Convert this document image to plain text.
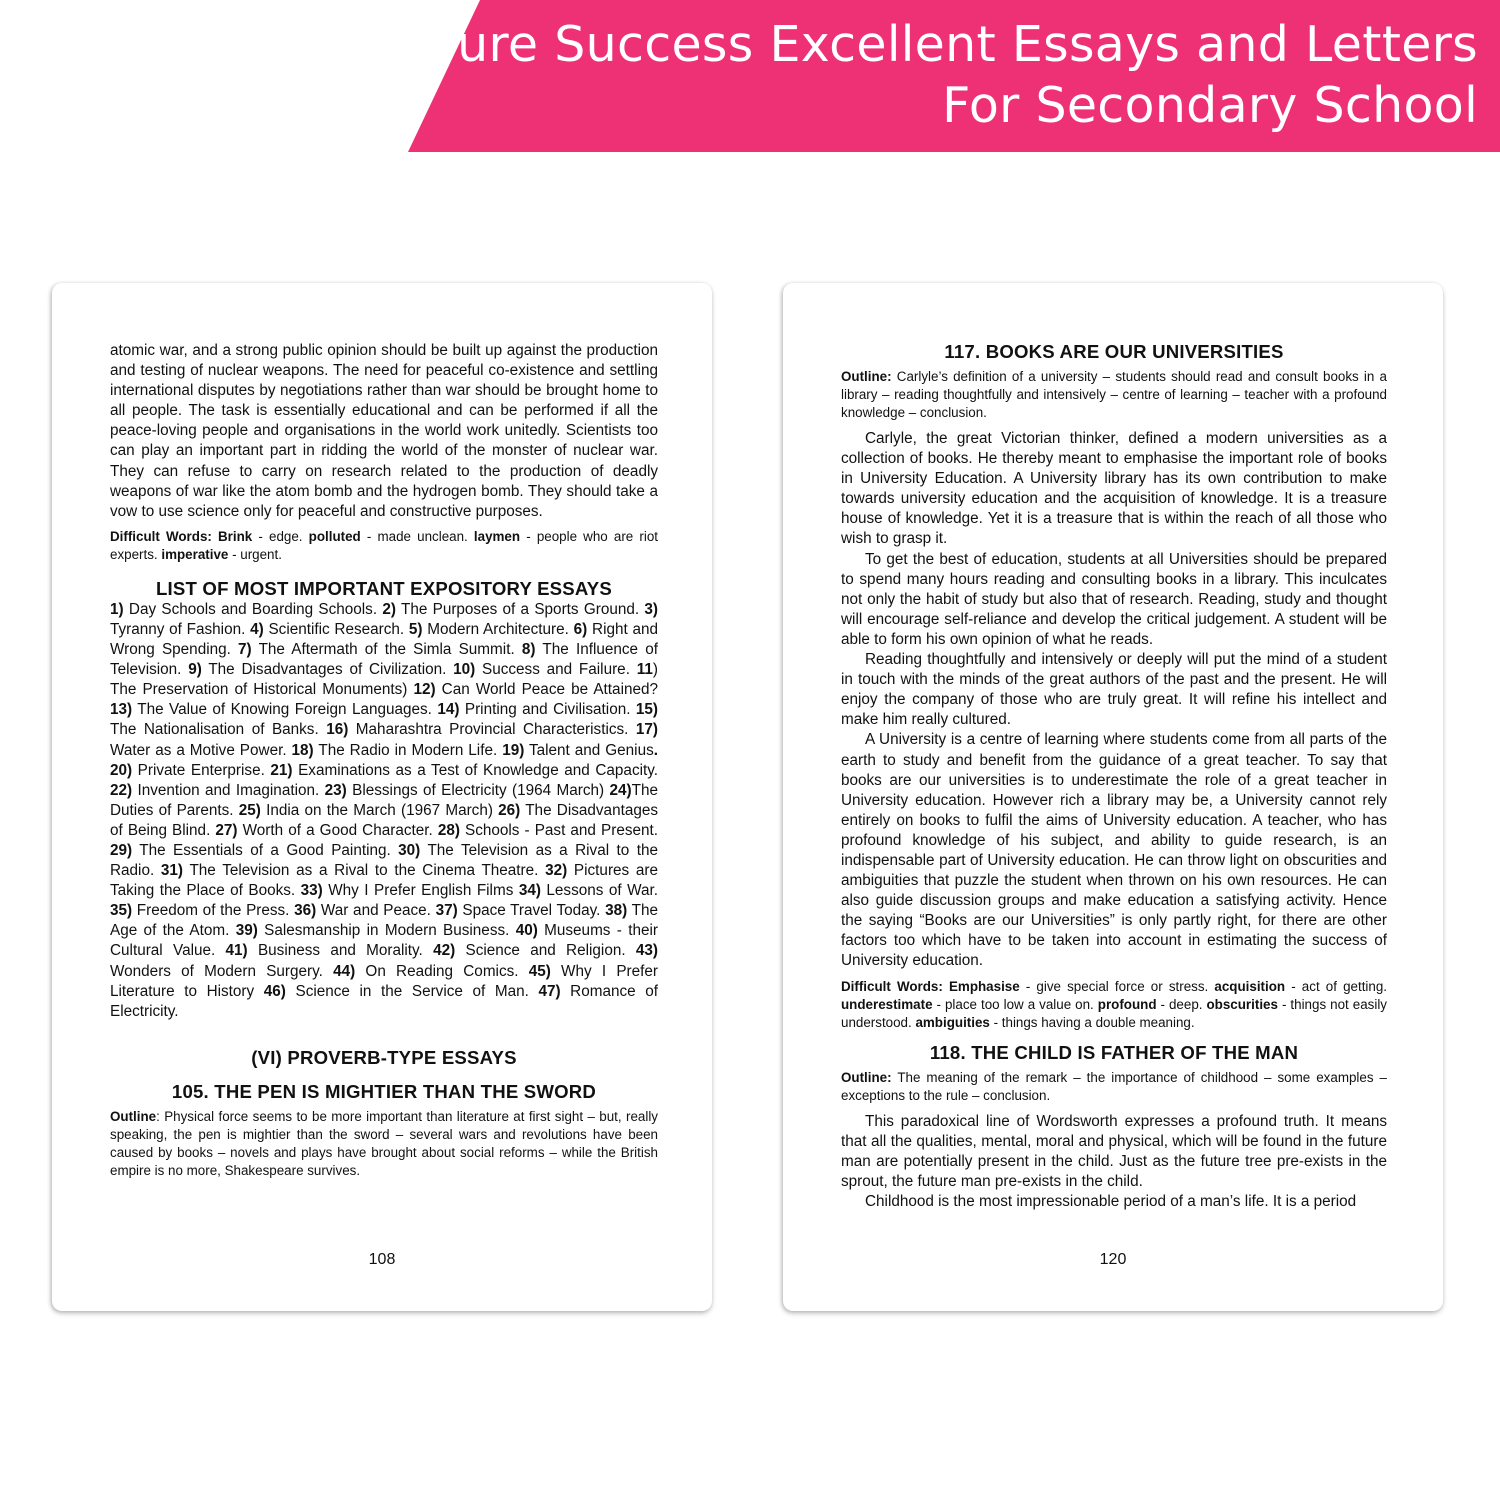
Sure Success Excellent Essays and Letters
For Secondary School

atomic war, and a strong public opinion should be built up against the production and testing of nuclear weapons. The need for peaceful co-existence and settling international disputes by negotiations rather than war should be brought home to all people. The task is essentially educational and can be performed if all the peace-loving people and organisations in the world work unitedly. Scientists too can play an important part in ridding the world of the monster of nuclear war. They can refuse to carry on research related to the production of deadly weapons of war like the atom bomb and the hydrogen bomb. They should take a vow to use science only for peaceful and constructive purposes.

Difficult Words: Brink - edge. polluted - made unclean. laymen - people who are riot experts. imperative - urgent.

LIST OF MOST IMPORTANT EXPOSITORY ESSAYS

1) Day Schools and Boarding Schools. 2) The Purposes of a Sports Ground. 3) Tyranny of Fashion. 4) Scientific Research. 5) Modern Architecture. 6) Right and Wrong Spending. 7) The Aftermath of the Simla Summit. 8) The Influence of Television. 9) The Disadvantages of Civilization. 10) Success and Failure. 11) The Preservation of Historical Monuments) 12) Can World Peace be Attained? 13) The Value of Knowing Foreign Languages. 14) Printing and Civilisation. 15) The Nationalisation of Banks. 16) Maharashtra Provincial Characteristics. 17) Water as a Motive Power. 18) The Radio in Modern Life. 19) Talent and Genius. 20) Private Enterprise. 21) Examinations as a Test of Knowledge and Capacity. 22) Invention and Imagination. 23) Blessings of Electricity (1964 March) 24)The Duties of Parents. 25) India on the March (1967 March) 26) The Disadvantages of Being Blind. 27) Worth of a Good Character. 28) Schools - Past and Present. 29) The Essentials of a Good Painting. 30) The Television as a Rival to the Radio. 31) The Television as a Rival to the Cinema Theatre. 32) Pictures are Taking the Place of Books. 33) Why I Prefer English Films 34) Lessons of War. 35) Freedom of the Press. 36) War and Peace. 37) Space Travel Today. 38) The Age of the Atom. 39) Salesmanship in Modern Business. 40) Museums - their Cultural Value. 41) Business and Morality. 42) Science and Religion. 43) Wonders of Modern Surgery. 44) On Reading Comics. 45) Why I Prefer Literature to History 46) Science in the Service of Man. 47) Romance of Electricity.

(VI) PROVERB-TYPE ESSAYS
105. THE PEN IS MIGHTIER THAN THE SWORD

Outline: Physical force seems to be more important than literature at first sight – but, really speaking, the pen is mightier than the sword – several wars and revolutions have been caused by books – novels and plays have brought about social reforms – while the British empire is no more, Shakespeare survives.

108
117. BOOKS ARE OUR UNIVERSITIES

Outline: Carlyle’s definition of a university – students should read and consult books in a library – reading thoughtfully and intensively – centre of learning – teacher with a profound knowledge – conclusion.

Carlyle, the great Victorian thinker, defined a modern universities as a collection of books. He thereby meant to emphasise the important role of books in University Education. A University library has its own contribution to make towards university education and the acquisition of knowledge. It is a treasure house of knowledge. Yet it is a treasure that is within the reach of all those who wish to grasp it.

To get the best of education, students at all Universities should be prepared to spend many hours reading and consulting books in a library. This inculcates not only the habit of study but also that of research. Reading, study and thought will encourage self-reliance and develop the critical judgement. A student will be able to form his own opinion of what he reads.

Reading thoughtfully and intensively or deeply will put the mind of a student in touch with the minds of the great authors of the past and the present. He will enjoy the company of those who are truly great. It will refine his intellect and make him really cultured.

A University is a centre of learning where students come from all parts of the earth to study and benefit from the guidance of a great teacher. To say that books are our universities is to underestimate the role of a great teacher in University education. However rich a library may be, a University cannot rely entirely on books to fulfil the aims of University education. A teacher, who has profound knowledge of his subject, and ability to guide research, is an indispensable part of University education. He can throw light on obscurities and ambiguities that puzzle the student when thrown on his own resources. He can also guide discussion groups and make education a satisfying activity. Hence the saying “Books are our Universities” is only partly right, for there are other factors too which have to be taken into account in estimating the success of University education.

Difficult Words: Emphasise - give special force or stress. acquisition - act of getting. underestimate - place too low a value on. profound - deep. obscurities - things not easily understood. ambiguities - things having a double meaning.

118. THE CHILD IS FATHER OF THE MAN

Outline: The meaning of the remark – the importance of childhood – some examples – exceptions to the rule – conclusion.

This paradoxical line of Wordsworth expresses a profound truth. It means that all the qualities, mental, moral and physical, which will be found in the future man are potentially present in the child. Just as the future tree pre-exists in the sprout, the future man pre-exists in the child.

Childhood is the most impressionable period of a man’s life. It is a period

120
